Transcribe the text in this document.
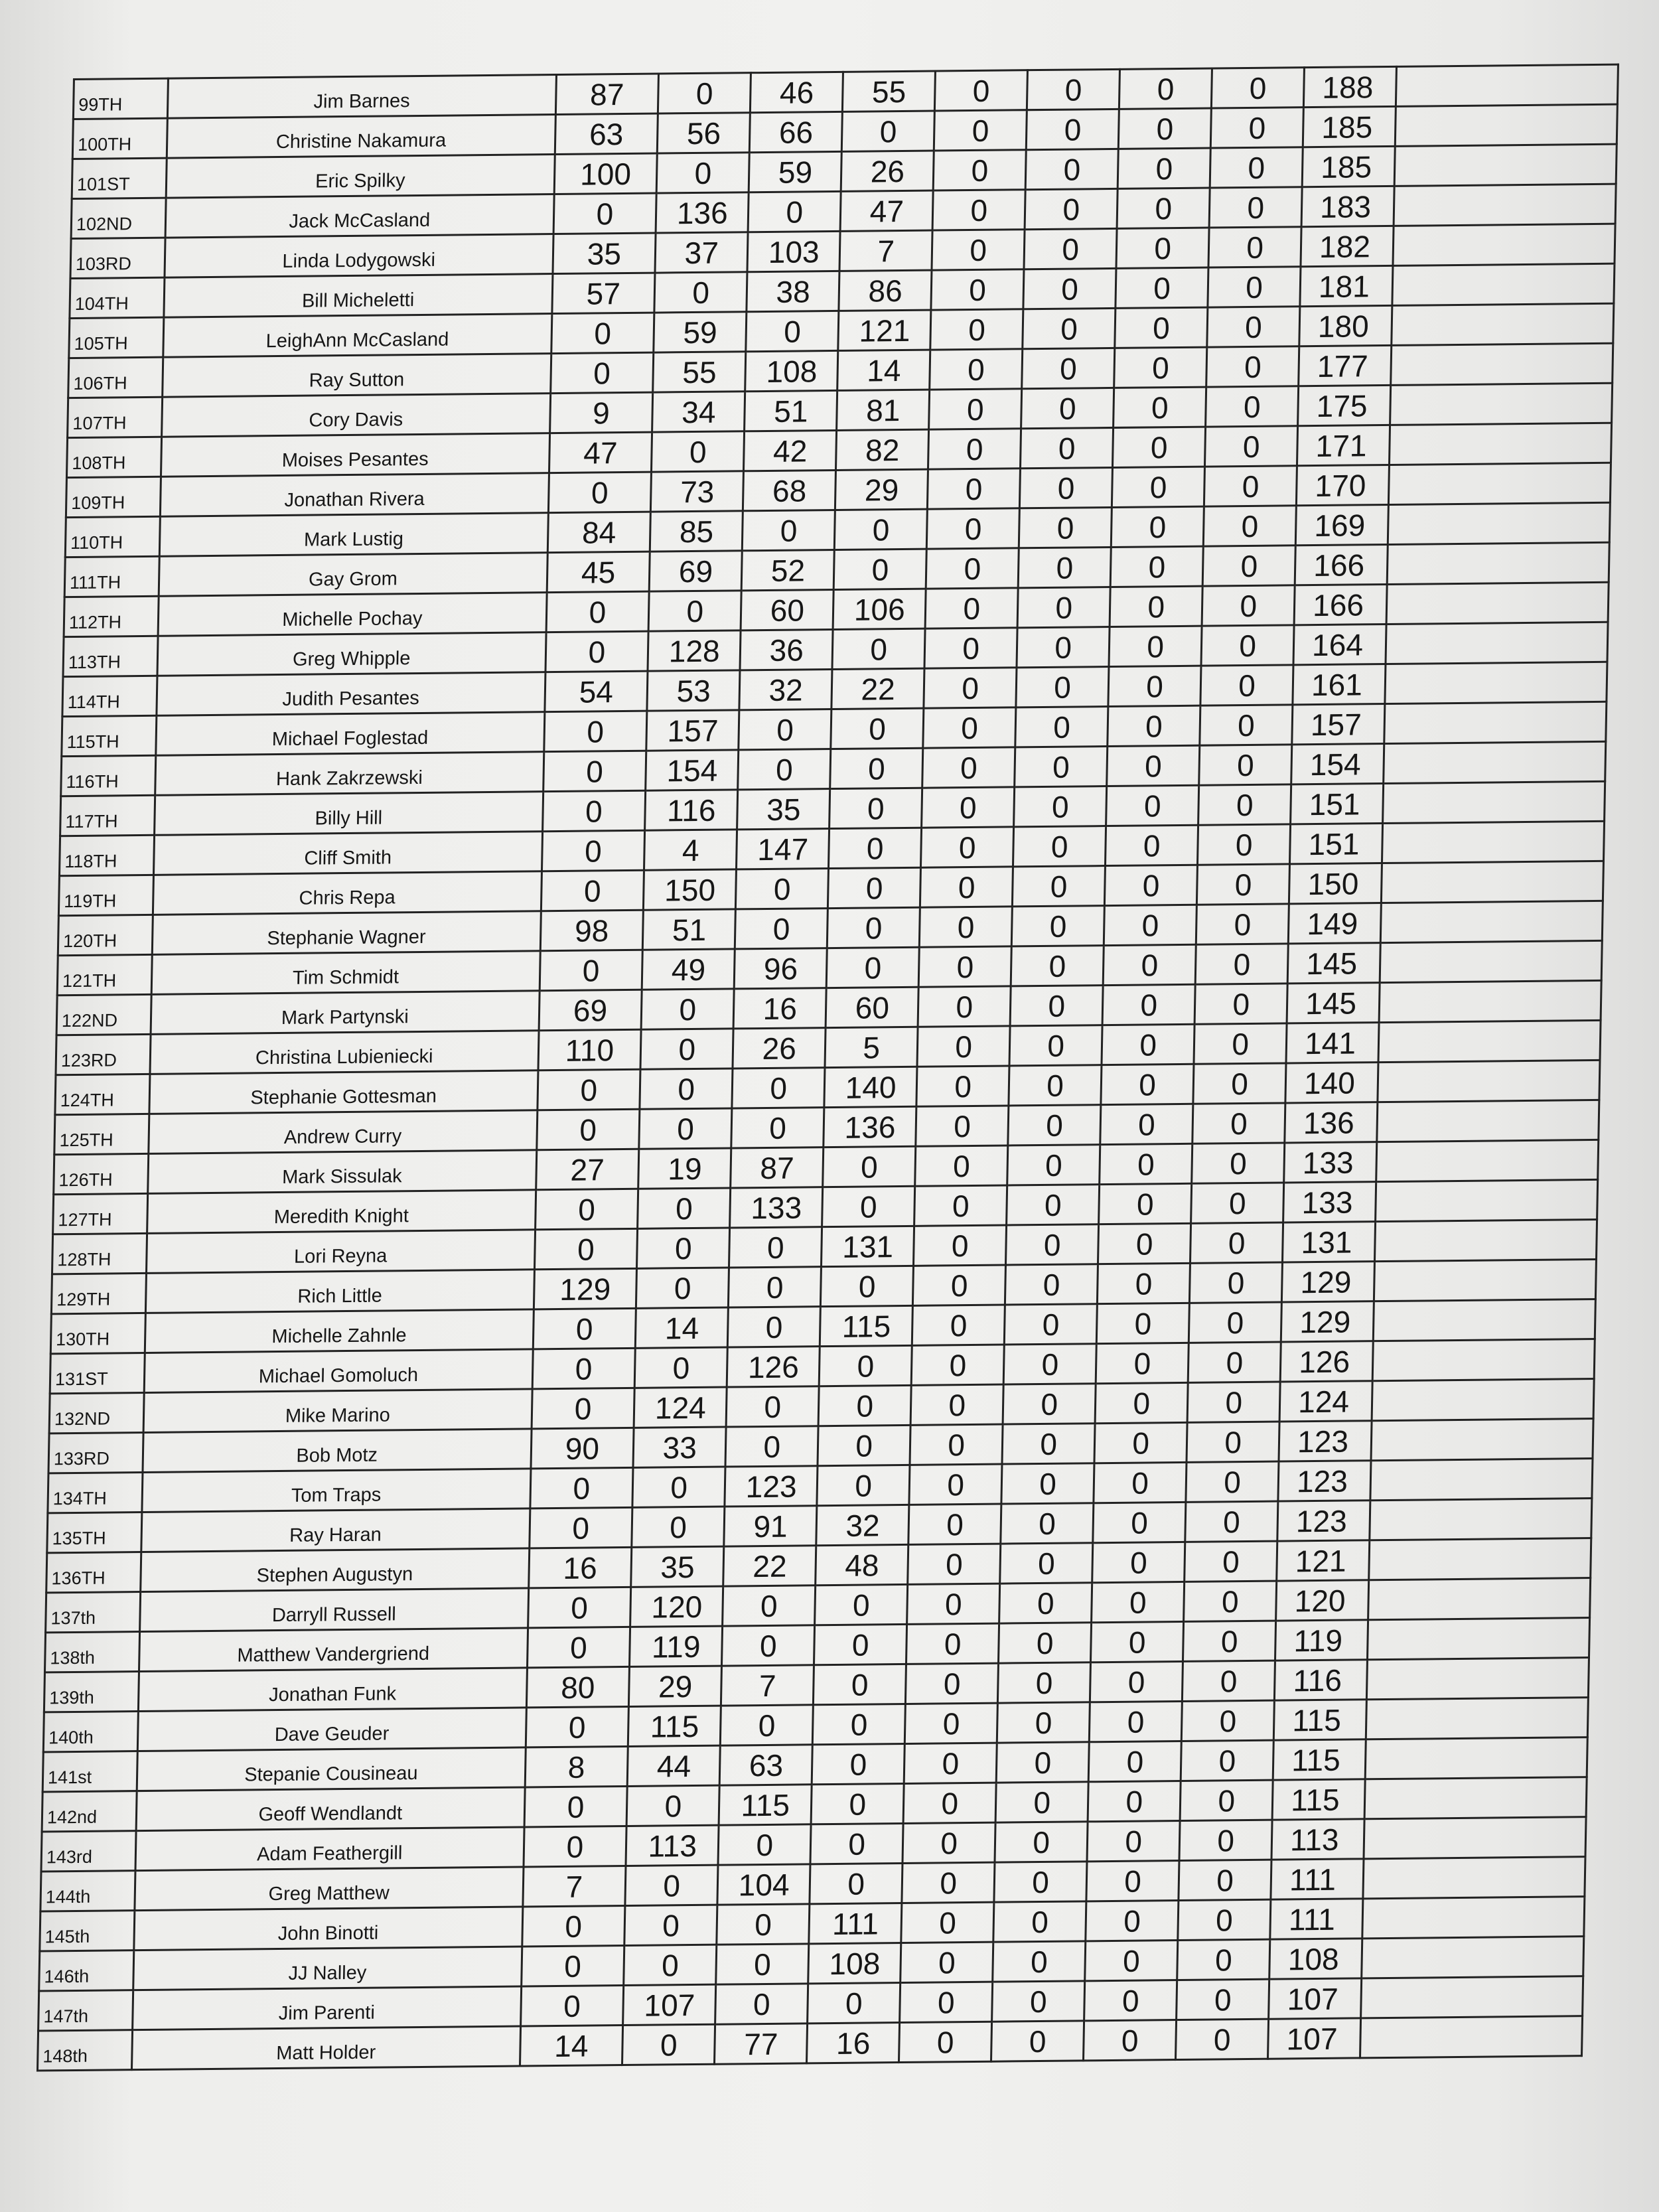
99TH	Jim Barnes	87	0	46	55	0	0	0	0	188	
100TH	Christine Nakamura	63	56	66	0	0	0	0	0	185	
101ST	Eric Spilky	100	0	59	26	0	0	0	0	185	
102ND	Jack McCasland	0	136	0	47	0	0	0	0	183	
103RD	Linda Lodygowski	35	37	103	7	0	0	0	0	182	
104TH	Bill Micheletti	57	0	38	86	0	0	0	0	181	
105TH	LeighAnn McCasland	0	59	0	121	0	0	0	0	180	
106TH	Ray Sutton	0	55	108	14	0	0	0	0	177	
107TH	Cory Davis	9	34	51	81	0	0	0	0	175	
108TH	Moises Pesantes	47	0	42	82	0	0	0	0	171	
109TH	Jonathan Rivera	0	73	68	29	0	0	0	0	170	
110TH	Mark Lustig	84	85	0	0	0	0	0	0	169	
111TH	Gay Grom	45	69	52	0	0	0	0	0	166	
112TH	Michelle Pochay	0	0	60	106	0	0	0	0	166	
113TH	Greg Whipple	0	128	36	0	0	0	0	0	164	
114TH	Judith Pesantes	54	53	32	22	0	0	0	0	161	
115TH	Michael Foglestad	0	157	0	0	0	0	0	0	157	
116TH	Hank Zakrzewski	0	154	0	0	0	0	0	0	154	
117TH	Billy Hill	0	116	35	0	0	0	0	0	151	
118TH	Cliff Smith	0	4	147	0	0	0	0	0	151	
119TH	Chris Repa	0	150	0	0	0	0	0	0	150	
120TH	Stephanie Wagner	98	51	0	0	0	0	0	0	149	
121TH	Tim Schmidt	0	49	96	0	0	0	0	0	145	
122ND	Mark Partynski	69	0	16	60	0	0	0	0	145	
123RD	Christina Lubieniecki	110	0	26	5	0	0	0	0	141	
124TH	Stephanie Gottesman	0	0	0	140	0	0	0	0	140	
125TH	Andrew Curry	0	0	0	136	0	0	0	0	136	
126TH	Mark Sissulak	27	19	87	0	0	0	0	0	133	
127TH	Meredith Knight	0	0	133	0	0	0	0	0	133	
128TH	Lori Reyna	0	0	0	131	0	0	0	0	131	
129TH	Rich Little	129	0	0	0	0	0	0	0	129	
130TH	Michelle Zahnle	0	14	0	115	0	0	0	0	129	
131ST	Michael Gomoluch	0	0	126	0	0	0	0	0	126	
132ND	Mike Marino	0	124	0	0	0	0	0	0	124	
133RD	Bob Motz	90	33	0	0	0	0	0	0	123	
134TH	Tom Traps	0	0	123	0	0	0	0	0	123	
135TH	Ray Haran	0	0	91	32	0	0	0	0	123	
136TH	Stephen Augustyn	16	35	22	48	0	0	0	0	121	
137th	Darryll Russell	0	120	0	0	0	0	0	0	120	
138th	Matthew Vandergriend	0	119	0	0	0	0	0	0	119	
139th	Jonathan Funk	80	29	7	0	0	0	0	0	116	
140th	Dave Geuder	0	115	0	0	0	0	0	0	115	
141st	Stepanie Cousineau	8	44	63	0	0	0	0	0	115	
142nd	Geoff Wendlandt	0	0	115	0	0	0	0	0	115	
143rd	Adam Feathergill	0	113	0	0	0	0	0	0	113	
144th	Greg Matthew	7	0	104	0	0	0	0	0	111	
145th	John Binotti	0	0	0	111	0	0	0	0	111	
146th	JJ Nalley	0	0	0	108	0	0	0	0	108	
147th	Jim Parenti	0	107	0	0	0	0	0	0	107	
148th	Matt Holder	14	0	77	16	0	0	0	0	107	
